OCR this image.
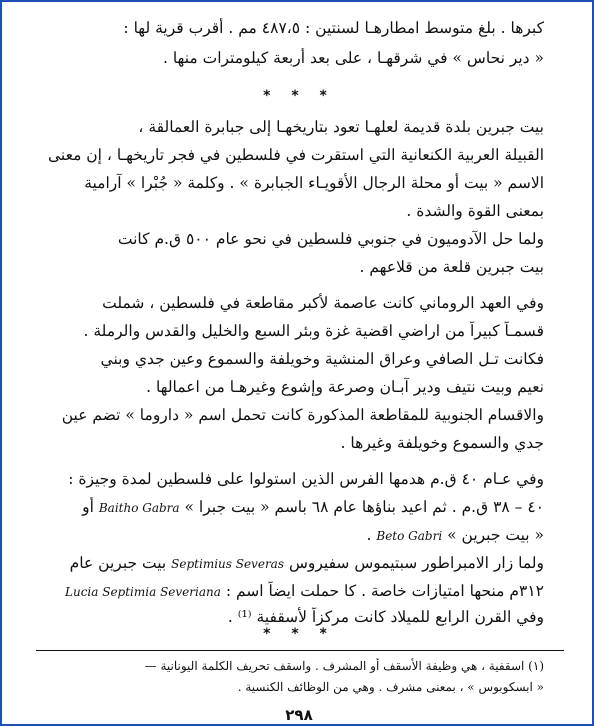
كبرها . بلغ متوسط امطارهـا لسنتين : ٤٨٧،٥ مم . أقرب قرية لها :
« دير نحاس » في شرقهـا ، على بعد أربعة كيلومترات منها .
* * *
بيت جبرين بلدة قديمة لعلهـا تعود بتاريخهـا إلى جبابرة العمالقة ،
القبيلة العربية الكنعانية التي استقرت في فلسطين في فجر تاريخهـا ، إن معنى
الاسم « بيت أو محلة الرجال الأقويـاء الجبابرة » . وكلمة « جُبْرا » آرامية
بمعنى القوة والشدة .
ولما حل الآدوميون في جنوبي فلسطين في نحو عام ٥٠٠ ق.م كانت
بيت جبرين قلعة من قلاعهم .
وفي العهد الروماني كانت عاصمة لأكبر مقاطعة في فلسطين ، شملت
قسمـاً كبيراً من اراضي اقضية غزة وبئر السبع والخليل والقدس والرملة .
فكانت تـل الصافي وعراق المنشية وخويلفة والسموع وعين جدي وبني
نعيم وبيت نتيف ودير آبـان وصرعة وإشوع وغيرهـا من اعمالها .
والاقسام الجنوبية للمقاطعة المذكورة كانت تحمل اسم « داروما » تضم عين
جدي والسموع وخويلفة وغيرها .
وفي عـام ٤٠ ق.م هدمها الفرس الذين استولوا على فلسطين لمدة وجيزة :
٤٠ – ٣٨ ق.م . ثم اعيد بناؤها عام ٦٨ باسم « بيت جبرا » Baitho Gabra أو
« بيت جبرين » Beto Gabri .
ولما زار الامبراطور سبتيموس سفيروس Septimius Severas بيت جبرين عام
٣١٢م منحها امتيازات خاصة . كا حملت ايضاً اسم : Lucia Septimia Severiana
وفي القرن الرابع للميلاد كانت مركزاً لأسقفية ⁽¹⁾ .
* * *
(١) اسقفية ، هي وظيفة الأسقف أو المشرف . واسقف تحريف الكلمة اليونانية —
« ابسكوبوس » ، بمعنى مشرف . وهي من الوظائف الكنسية .
٢٩٨
